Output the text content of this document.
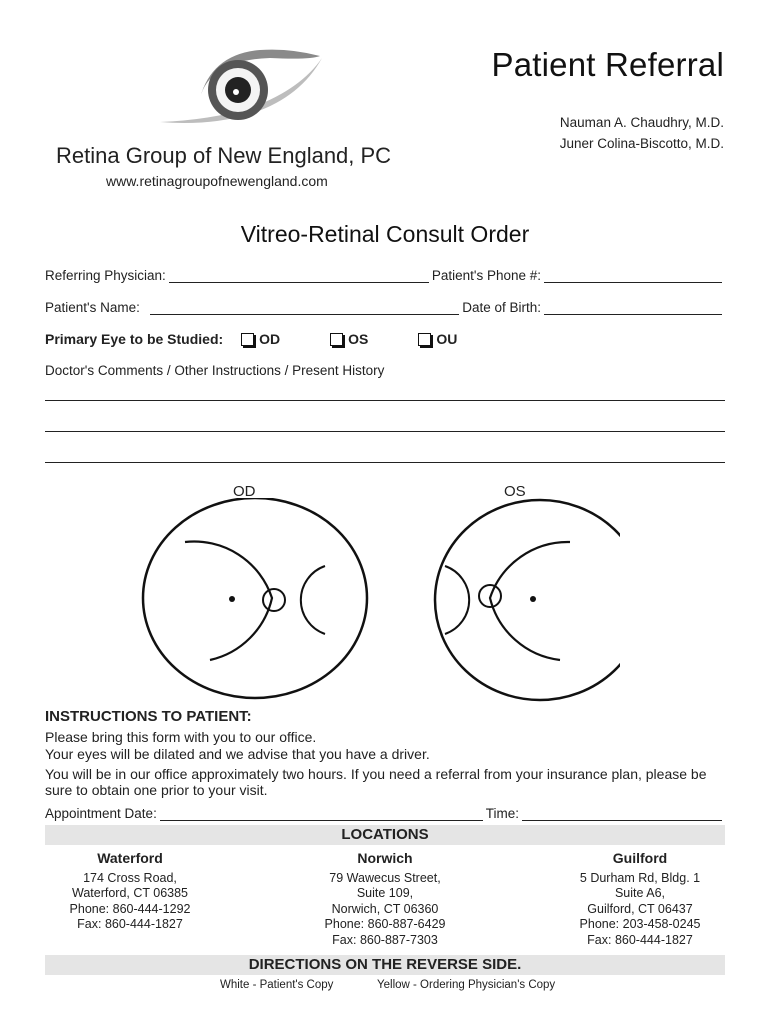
Patient Referral
Nauman A. Chaudhry, M.D.
Juner Colina-Biscotto, M.D.
Retina Group of New England, PC
www.retinagroupofnewengland.com
Vitreo-Retinal Consult Order
Referring Physician:	Patient's Phone #:
Patient's Name:	Date of Birth:
Primary Eye to be Studied:	OD	OS	OU
Doctor's Comments / Other Instructions / Present History
OD	OS
INSTRUCTIONS TO PATIENT:
Please bring this form with you to our office.
Your eyes will be dilated and we advise that you have a driver.
You will be in our office approximately two hours. If you need a referral from your insurance plan, please be
sure to obtain one prior to your visit.
Appointment Date:	Time:
LOCATIONS
Waterford
174 Cross Road,
Waterford, CT 06385
Phone: 860-444-1292
Fax: 860-444-1827
Norwich
79 Wawecus Street,
Suite 109,
Norwich, CT 06360
Phone: 860-887-6429
Fax: 860-887-7303
Guilford
5 Durham Rd, Bldg. 1
Suite A6,
Guilford, CT 06437
Phone: 203-458-0245
Fax: 860-444-1827
DIRECTIONS ON THE REVERSE SIDE.
White - Patient's Copy	Yellow - Ordering Physician's Copy
